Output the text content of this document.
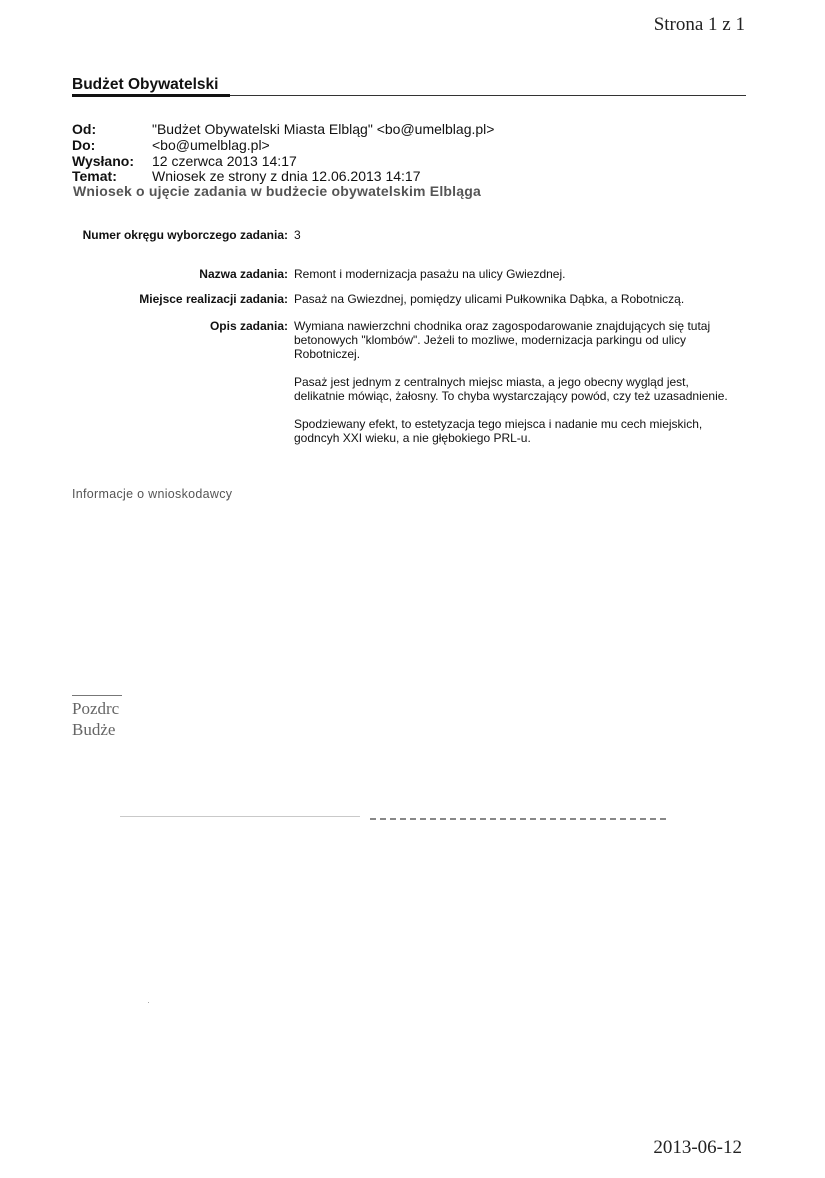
Strona 1 z 1
Budżet Obywatelski
Od:	"Budżet Obywatelski Miasta Elbląg" <bo@umelblag.pl>
Do:	<bo@umelblag.pl>
Wysłano: 12 czerwca 2013 14:17
Temat:	Wniosek ze strony z dnia 12.06.2013 14:17
Wniosek o ujęcie zadania w budżecie obywatelskim Elbląga
Numer okręgu wyborczego zadania: 3
Nazwa zadania: Remont i modernizacja pasażu na ulicy Gwiezdnej.
Miejsce realizacji zadania: Pasaż na Gwiezdnej, pomiędzy ulicami Pułkownika Dąbka, a Robotniczą.
Opis zadania: Wymiana nawierzchni chodnika oraz zagospodarowanie znajdujących się tutaj betonowych "klombów". Jeżeli to mozliwe, modernizacja parkingu od ulicy Robotniczej.

Pasaż jest jednym z centralnych miejsc miasta, a jego obecny wygląd jest, delikatnie mówiąc, żałosny. To chyba wystarczający powód, czy też uzasadnienie.

Spodziewany efekt, to estetyzacja tego miejsca i nadanie mu cech miejskich, godncyh XXI wieku, a nie głębokiego PRL-u.

Informacje o wnioskodawcy
Pozdrc
Budże
2013-06-12
